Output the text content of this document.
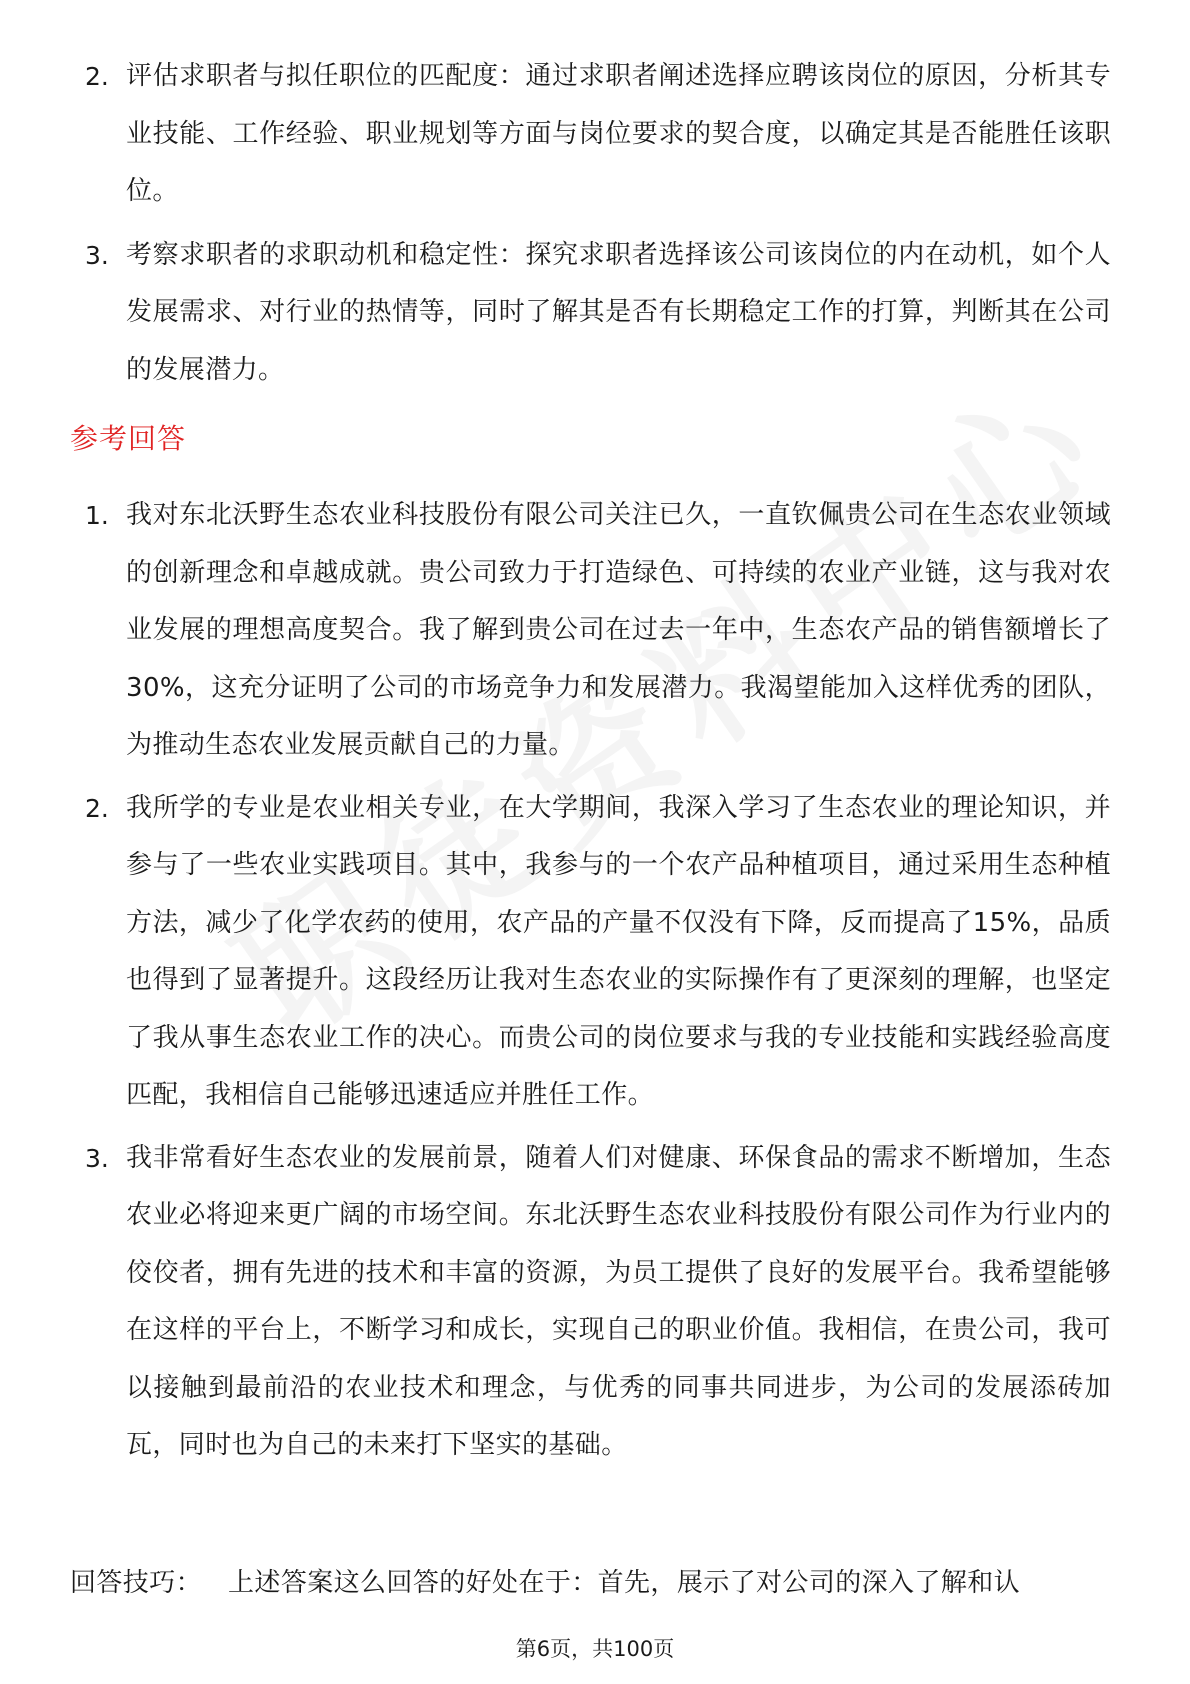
2. 评估求职者与拟任职位的匹配度：通过求职者阐述选择应聘该岗位的原因，分析其专业技能、工作经验、职业规划等方面与岗位要求的契合度，以确定其是否能胜任该职位。
3. 考察求职者的求职动机和稳定性：探究求职者选择该公司该岗位的内在动机，如个人发展需求、对行业的热情等，同时了解其是否有长期稳定工作的打算，判断其在公司的发展潜力。
参考回答
1. 我对东北沃野生态农业科技股份有限公司关注已久，一直钦佩贵公司在生态农业领域的创新理念和卓越成就。贵公司致力于打造绿色、可持续的农业产业链，这与我对农业发展的理想高度契合。我了解到贵公司在过去一年中，生态农产品的销售额增长了30%，这充分证明了公司的市场竞争力和发展潜力。我渴望能加入这样优秀的团队，为推动生态农业发展贡献自己的力量。
2. 我所学的专业是农业相关专业，在大学期间，我深入学习了生态农业的理论知识，并参与了一些农业实践项目。其中，我参与的一个农产品种植项目，通过采用生态种植方法，减少了化学农药的使用，农产品的产量不仅没有下降，反而提高了15%，品质也得到了显著提升。这段经历让我对生态农业的实际操作有了更深刻的理解，也坚定了我从事生态农业工作的决心。而贵公司的岗位要求与我的专业技能和实践经验高度匹配，我相信自己能够迅速适应并胜任工作。
3. 我非常看好生态农业的发展前景，随着人们对健康、环保食品的需求不断增加，生态农业必将迎来更广阔的市场空间。东北沃野生态农业科技股份有限公司作为行业内的佼佼者，拥有先进的技术和丰富的资源，为员工提供了良好的发展平台。我希望能够在这样的平台上，不断学习和成长，实现自己的职业价值。我相信，在贵公司，我可以接触到最前沿的农业技术和理念，与优秀的同事共同进步，为公司的发展添砖加瓦，同时也为自己的未来打下坚实的基础。
回答技巧： 上述答案这么回答的好处在于：首先，展示了对公司的深入了解和认
第6页，共100页
